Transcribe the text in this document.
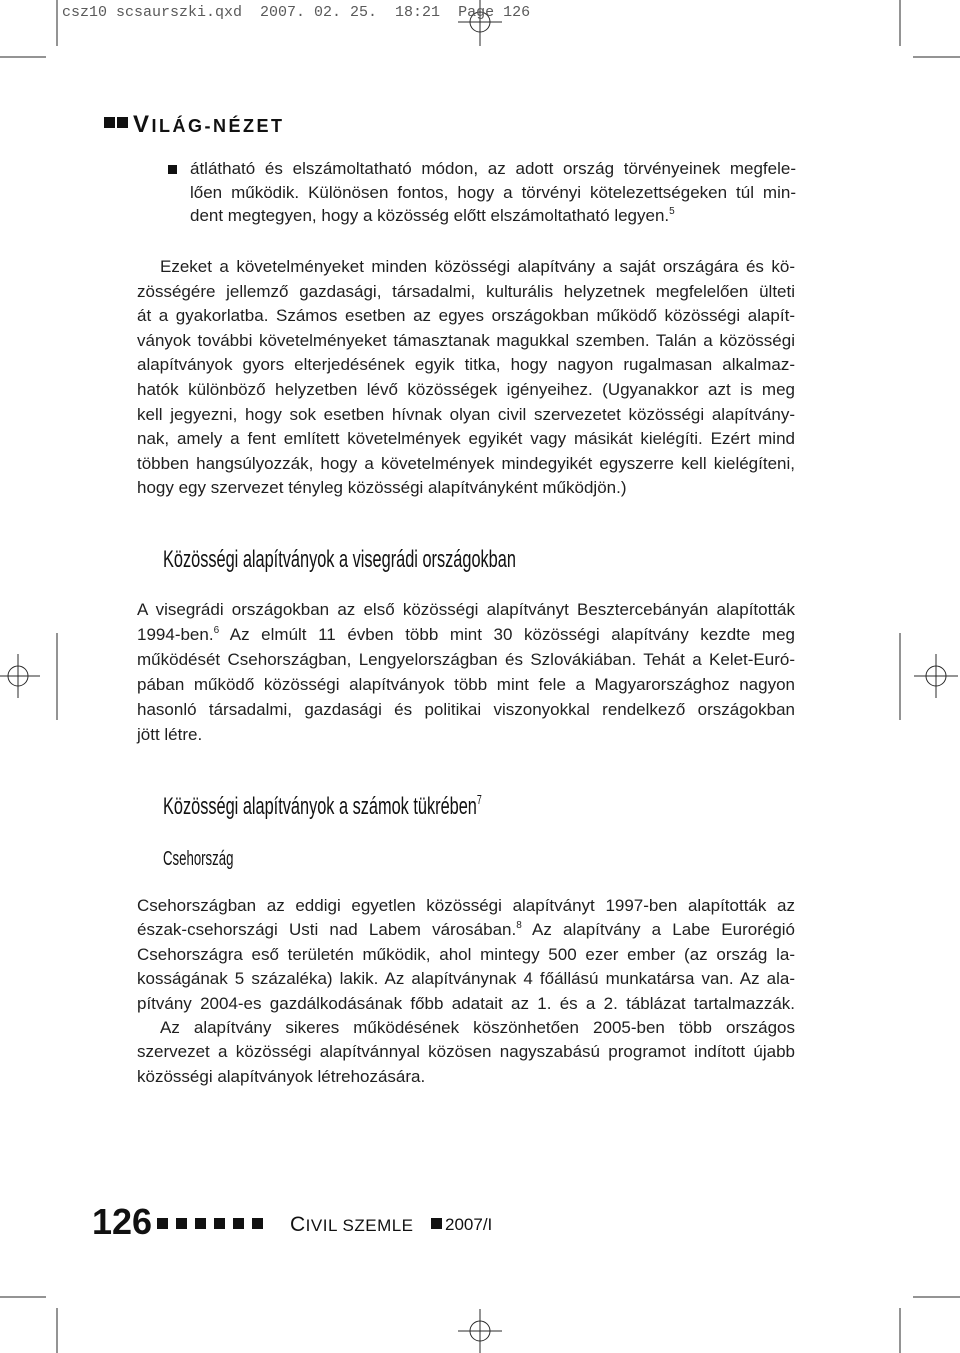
csz10 scsaurszki.qxd  2007. 02. 25.  18:21  Page 126
VILÁG-NÉZET
átlátható és elszámoltatható módon, az adott ország törvényeinek megfele-
lően működik. Különösen fontos, hogy a törvényi kötelezettségeken túl min-
dent megtegyen, hogy a közösség előtt elszámoltatható legyen.$^5$
Ezeket a követelményeket minden közösségi alapítvány a saját országára és kö-
zösségére jellemző gazdasági, társadalmi, kulturális helyzetnek megfelelően ülteti
át a gyakorlatba. Számos esetben az egyes országokban működő közösségi alapít-
ványok további követelményeket támasztanak magukkal szemben. Talán a közösségi
alapítványok gyors elterjedésének egyik titka, hogy nagyon rugalmasan alkalmaz-
hatók különböző helyzetben lévő közösségek igényeihez. (Ugyanakkor azt is meg
kell jegyezni, hogy sok esetben hívnak olyan civil szervezetet közösségi alapítvány-
nak, amely a fent említett követelmények egyikét vagy másikát kielégíti. Ezért mind
többen hangsúlyozzák, hogy a követelmények mindegyikét egyszerre kell kielégíteni,
hogy egy szervezet tényleg közösségi alapítványként működjön.)
Közösségi alapítványok a visegrádi országokban
A visegrádi országokban az első közösségi alapítványt Besztercebányán alapították
1994-ben.$^6$ Az elmúlt 11 évben több mint 30 közösségi alapítvány kezdte meg
működését Csehországban, Lengyelországban és Szlovákiában. Tehát a Kelet-Euró-
pában működő közösségi alapítványok több mint fele a Magyarországhoz nagyon
hasonló társadalmi, gazdasági és politikai viszonyokkal rendelkező országokban
jött létre.
Közösségi alapítványok a számok tükrében$^7$
Csehország
Csehországban az eddigi egyetlen közösségi alapítványt 1997-ben alapították az
észak-csehországi Usti nad Labem városában.$^8$ Az alapítvány a Labe Eurorégió
Csehországra eső területén működik, ahol mintegy 500 ezer ember (az ország la-
kosságának 5 százaléka) lakik. Az alapítványnak 4 főállású munkatársa van. Az ala-
pítvány 2004-es gazdálkodásának főbb adatait az 1. és a 2. táblázat tartalmazzák.
Az alapítvány sikeres működésének köszönhetően 2005-ben több országos
szervezet a közösségi alapítvánnyal közösen nagyszabású programot indított újabb
közösségi alapítványok létrehozására.
126	CIVIL SZEMLE 2007/I
